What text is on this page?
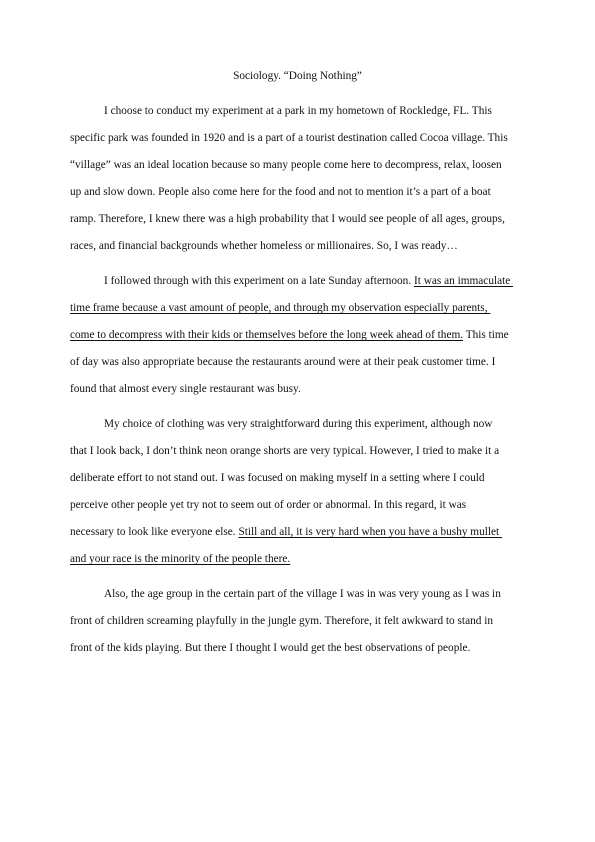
Sociology. “Doing Nothing”
I choose to conduct my experiment at a park in my hometown of Rockledge, FL. This
specific park was founded in 1920 and is a part of a tourist destination called Cocoa village. This
“village” was an ideal location because so many people come here to decompress, relax, loosen
up and slow down. People also come here for the food and not to mention it’s a part of a boat
ramp. Therefore, I knew there was a high probability that I would see people of all ages, groups,
races, and financial backgrounds whether homeless or millionaires. So, I was ready…
I followed through with this experiment on a late Sunday afternoon. It was an immaculate
time frame because a vast amount of people, and through my observation especially parents,
come to decompress with their kids or themselves before the long week ahead of them. This time
of day was also appropriate because the restaurants around were at their peak customer time. I
found that almost every single restaurant was busy.
My choice of clothing was very straightforward during this experiment, although now
that I look back, I don’t think neon orange shorts are very typical. However, I tried to make it a
deliberate effort to not stand out. I was focused on making myself in a setting where I could
perceive other people yet try not to seem out of order or abnormal. In this regard, it was
necessary to look like everyone else. Still and all, it is very hard when you have a bushy mullet
and your race is the minority of the people there.
Also, the age group in the certain part of the village I was in was very young as I was in
front of children screaming playfully in the jungle gym. Therefore, it felt awkward to stand in
front of the kids playing. But there I thought I would get the best observations of people.
